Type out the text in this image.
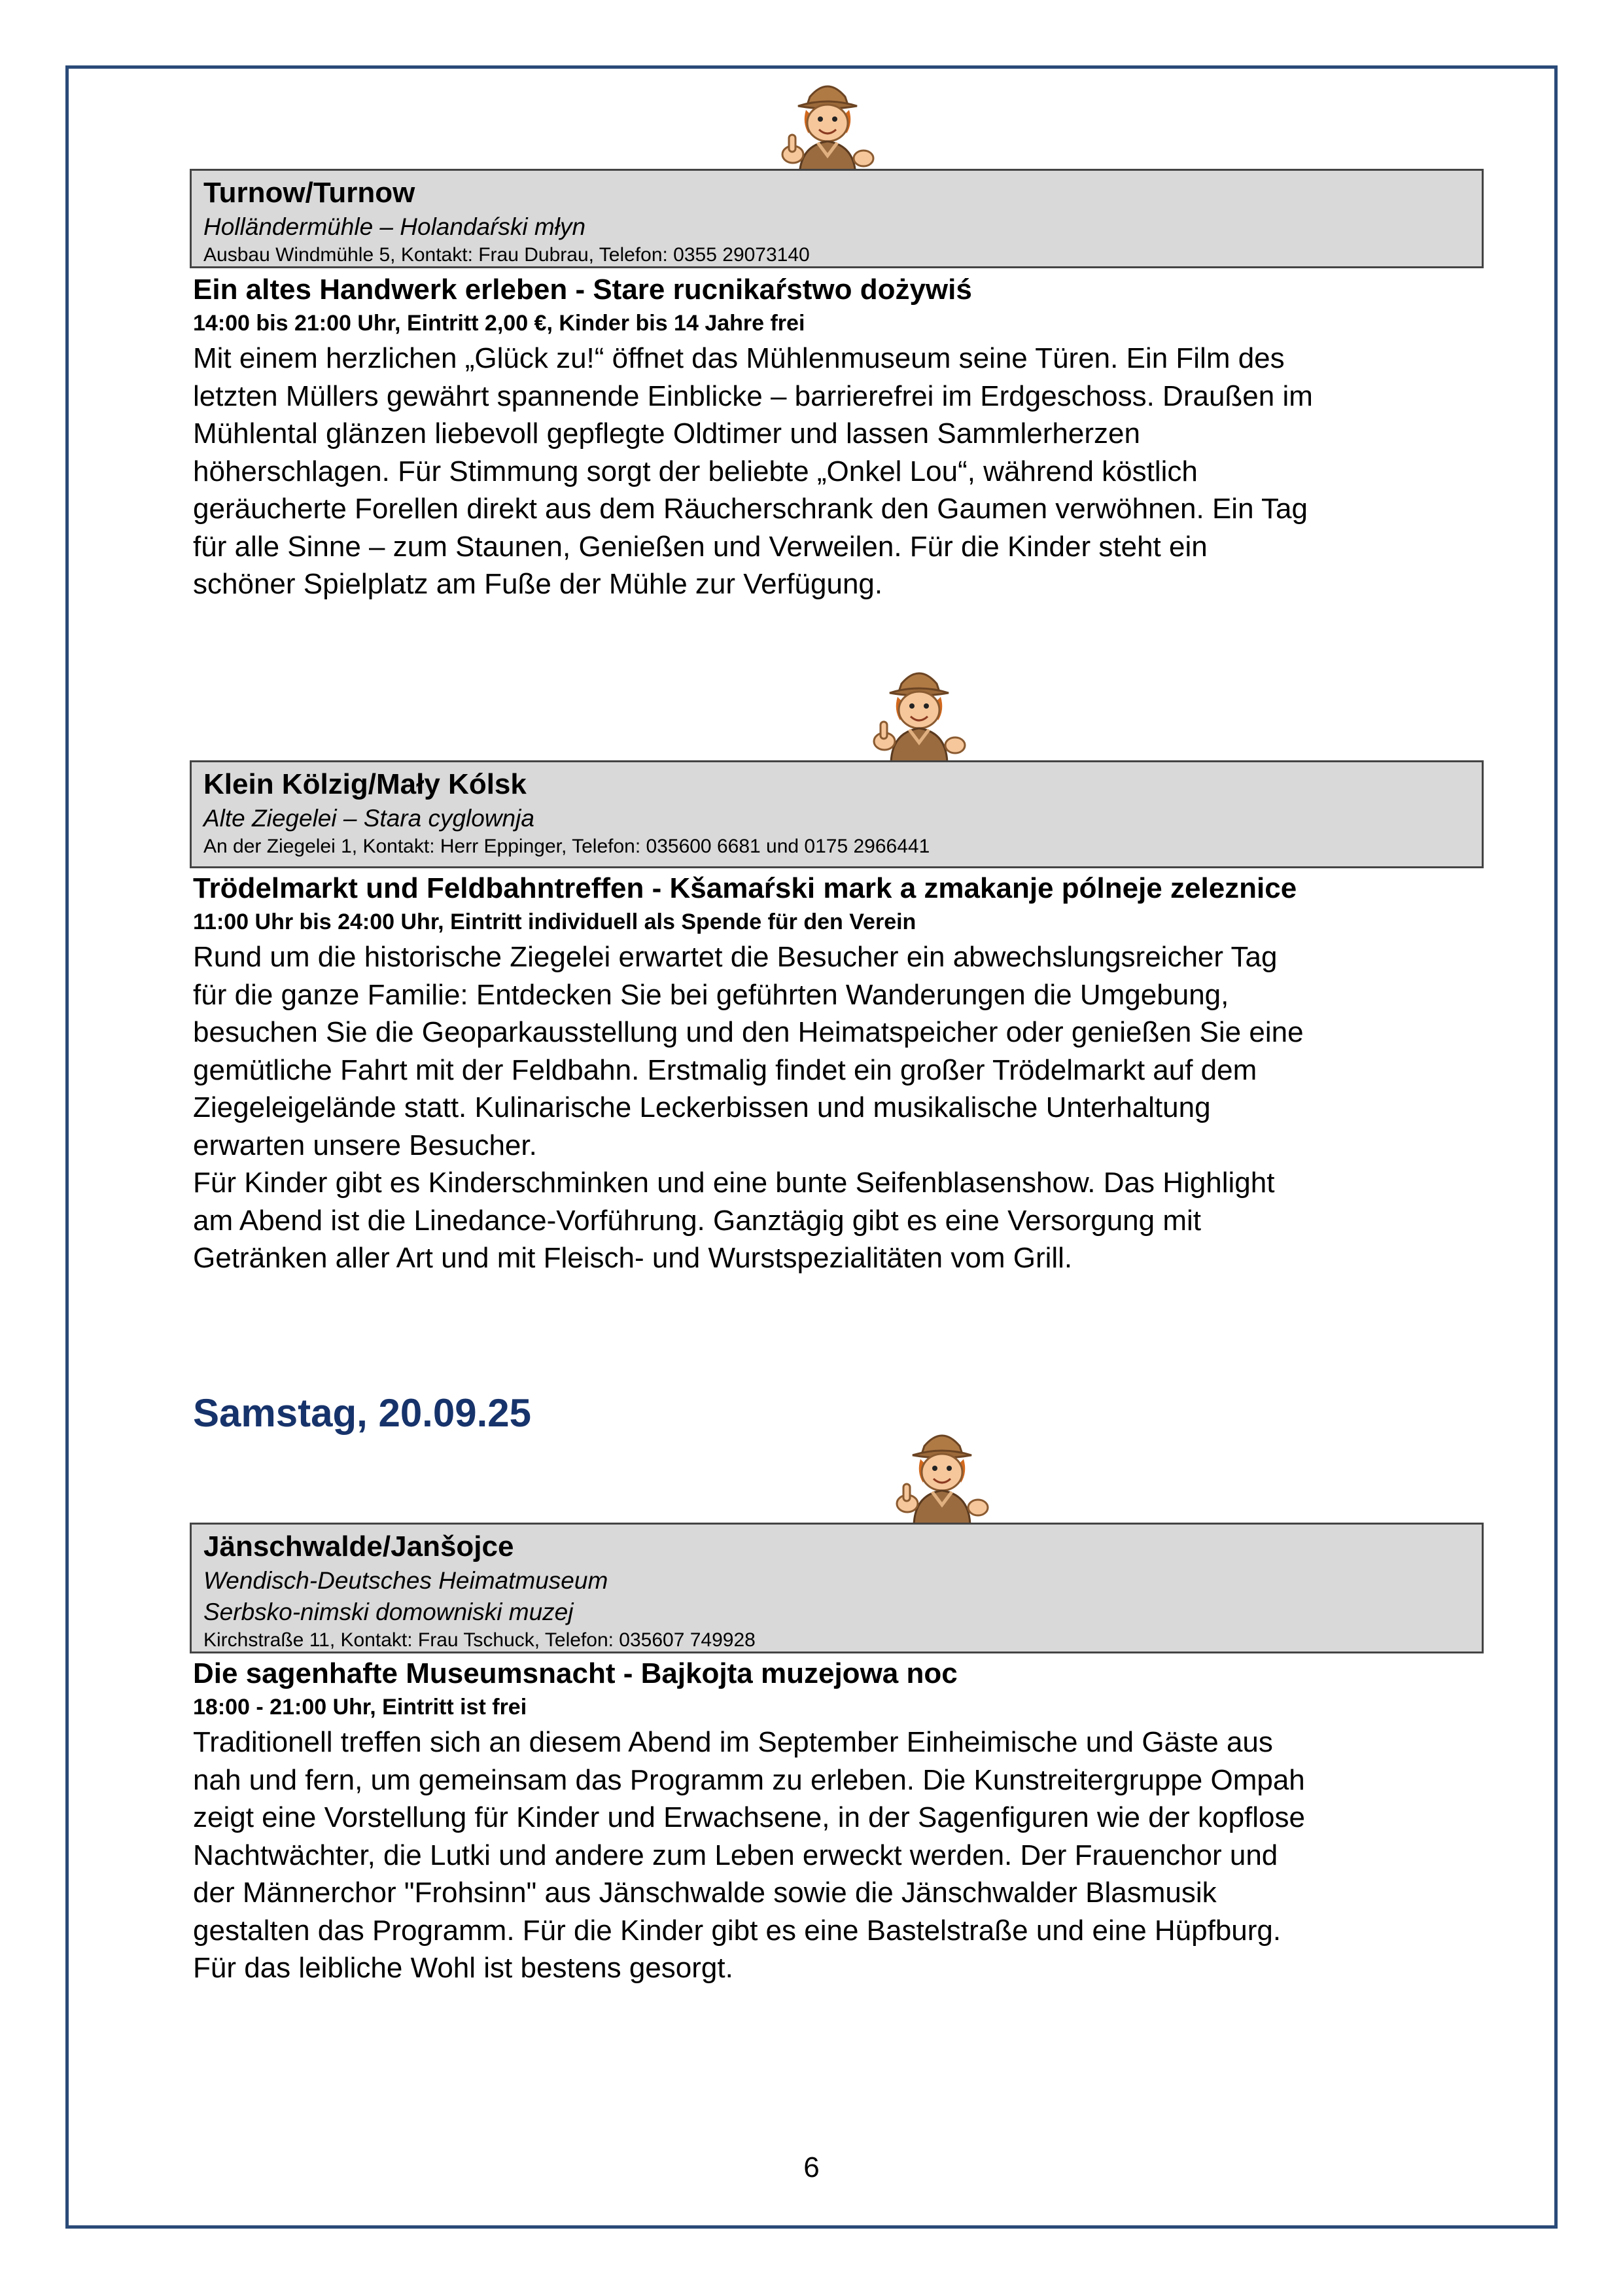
Turnow/Turnow
Holländermühle – Holandaŕski młyn
Ausbau Windmühle 5, Kontakt: Frau Dubrau, Telefon: 0355 29073140
Ein altes Handwerk erleben - Stare rucnikaŕstwo dożywiś
14:00 bis 21:00 Uhr, Eintritt 2,00 €, Kinder bis 14 Jahre frei

Mit einem herzlichen „Glück zu!“ öffnet das Mühlenmuseum seine Türen. Ein Film des

letzten Müllers gewährt spannende Einblicke – barrierefrei im Erdgeschoss. Draußen im

Mühlental glänzen liebevoll gepflegte Oldtimer und lassen Sammlerherzen

höherschlagen. Für Stimmung sorgt der beliebte „Onkel Lou“, während köstlich

geräucherte Forellen direkt aus dem Räucherschrank den Gaumen verwöhnen. Ein Tag

für alle Sinne – zum Staunen, Genießen und Verweilen. Für die Kinder steht ein

schöner Spielplatz am Fuße der Mühle zur Verfügung.

Klein Kölzig/Mały Kólsk
Alte Ziegelei – Stara cyglownja
An der Ziegelei 1, Kontakt: Herr Eppinger, Telefon: 035600 6681 und 0175 2966441
Trödelmarkt und Feldbahntreffen - Kšamaŕski mark a zmakanje pólneje zeleznice
11:00 Uhr bis 24:00 Uhr, Eintritt individuell als Spende für den Verein

Rund um die historische Ziegelei erwartet die Besucher ein abwechslungsreicher Tag

für die ganze Familie: Entdecken Sie bei geführten Wanderungen die Umgebung,

besuchen Sie die Geoparkausstellung und den Heimatspeicher oder genießen Sie eine

gemütliche Fahrt mit der Feldbahn. Erstmalig findet ein großer Trödelmarkt auf dem

Ziegeleigelände statt. Kulinarische Leckerbissen und musikalische Unterhaltung

erwarten unsere Besucher.

Für Kinder gibt es Kinderschminken und eine bunte Seifenblasenshow. Das Highlight

am Abend ist die Linedance-Vorführung. Ganztägig gibt es eine Versorgung mit

Getränken aller Art und mit Fleisch- und Wurstspezialitäten vom Grill.

Samstag, 20.09.25
Jänschwalde/Janšojce
Wendisch-Deutsches Heimatmuseum
Serbsko-nimski domowniski muzej
Kirchstraße 11, Kontakt: Frau Tschuck, Telefon: 035607 749928
Die sagenhafte Museumsnacht - Bajkojta muzejowa noc
18:00 - 21:00 Uhr, Eintritt ist frei

Traditionell treffen sich an diesem Abend im September Einheimische und Gäste aus

nah und fern, um gemeinsam das Programm zu erleben. Die Kunstreitergruppe Ompah

zeigt eine Vorstellung für Kinder und Erwachsene, in der Sagenfiguren wie der kopflose

Nachtwächter, die Lutki und andere zum Leben erweckt werden. Der Frauenchor und

der Männerchor "Frohsinn" aus Jänschwalde sowie die Jänschwalder Blasmusik

gestalten das Programm. Für die Kinder gibt es eine Bastelstraße und eine Hüpfburg.

Für das leibliche Wohl ist bestens gesorgt.

6
